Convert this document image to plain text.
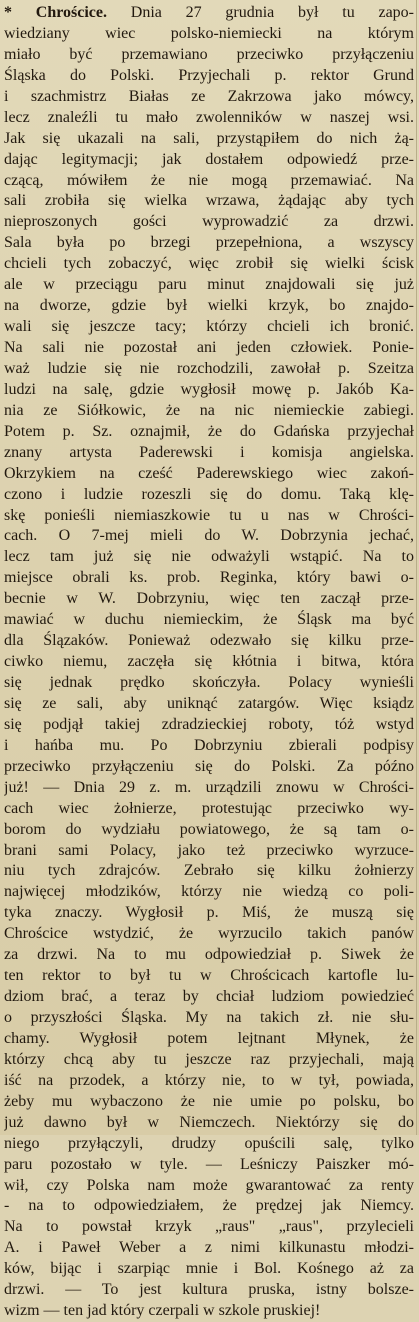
* Chrościce. Dnia 27 grudnia był tu zapo-
wiedziany wiec polsko-niemiecki na którym
miało być przemawiano przeciwko przyłączeniu
Śląska do Polski. Przyjechali p. rektor Grund
i szachmistrz Białas ze Zakrzowa jako mówcy,
lecz znaleźli tu mało zwolenników w naszej wsi.
Jak się ukazali na sali, przystąpiłem do nich żą-
dając legitymacji; jak dostałem odpowiedź prze-
czącą, mówiłem że nie mogą przemawiać. Na
sali zrobiła się wielka wrzawa, żądając aby tych
nieproszonych gości wyprowadzić za drzwi.
Sala była po brzegi przepełniona, a wszyscy
chcieli tych zobaczyć, więc zrobił się wielki ścisk
ale w przeciągu paru minut znajdowali się już
na dworze, gdzie był wielki krzyk, bo znajdo-
wali się jeszcze tacy; którzy chcieli ich bronić.
Na sali nie pozostał ani jeden człowiek. Ponie-
waż ludzie się nie rozchodzili, zawołał p. Szeitza
ludzi na salę, gdzie wygłosił mowę p. Jakób Ka-
nia ze Siółkowic, że na nic niemieckie zabiegi.
Potem p. Sz. oznajmił, że do Gdańska przyjechał
znany artysta Paderewski i komisja angielska.
Okrzykiem na cześć Paderewskiego wiec zakoń-
czono i ludzie rozeszli się do domu. Taką klę-
skę ponieśli niemiaszkowie tu u nas w Chrości-
cach. O 7-mej mieli do W. Dobrzynia jechać,
lecz tam już się nie odważyli wstąpić. Na to
miejsce obrali ks. prob. Reginka, który bawi o-
becnie w W. Dobrzyniu, więc ten zaczął prze-
mawiać w duchu niemieckim, że Śląsk ma być
dla Ślązaków. Ponieważ odezwało się kilku prze-
ciwko niemu, zaczęła się kłótnia i bitwa, która
się jednak prędko skończyła. Polacy wynieśli
się ze sali, aby uniknąć zatargów. Więc ksiądz
się podjął takiej zdradzieckiej roboty, tóż wstyd
i hańba mu. Po Dobrzyniu zbierali podpisy
przeciwko przyłączeniu się do Polski. Za późno
już! — Dnia 29 z. m. urządzili znowu w Chrości-
cach wiec żołnierze, protestując przeciwko wy-
borom do wydziału powiatowego, że są tam o-
brani sami Polacy, jako też przeciwko wyrzuce-
niu tych zdrajców. Zebrało się kilku żołnierzy
najwięcej młodzików, którzy nie wiedzą co poli-
tyka znaczy. Wygłosił p. Miś, że muszą się
Chrościce wstydzić, że wyrzucilo takich panów
za drzwi. Na to mu odpowiedział p. Siwek że
ten rektor to był tu w Chrościcach kartofle lu-
dziom brać, a teraz by chciał ludziom powiedzieć
o przyszłości Śląska. My na takich zł. nie słu-
chamy. Wygłosił potem lejtnant Młynek, że
którzy chcą aby tu jeszcze raz przyjechali, mają
iść na przodek, a którzy nie, to w tył, powiada,
żeby mu wybaczono że nie umie po polsku, bo
już dawno był w Niemczech. Niektórzy się do
niego przyłączyli, drudzy opuścili salę, tylko
paru pozostało w tyle. — Leśniczy Paiszker mó-
wił, czy Polska nam może gwarantować za renty
- na to odpowiedziałem, że prędzej jak Niemcy.
Na to powstał krzyk „raus" „raus", przylecieli
A. i Paweł Weber a z nimi kilkunastu młodzi-
ków, bijąc i szarpiąc mnie i Bol. Kośnego aż za
drzwi. — To jest kultura pruska, istny bolsze-
wizm — ten jad który czerpali w szkole pruskiej!
